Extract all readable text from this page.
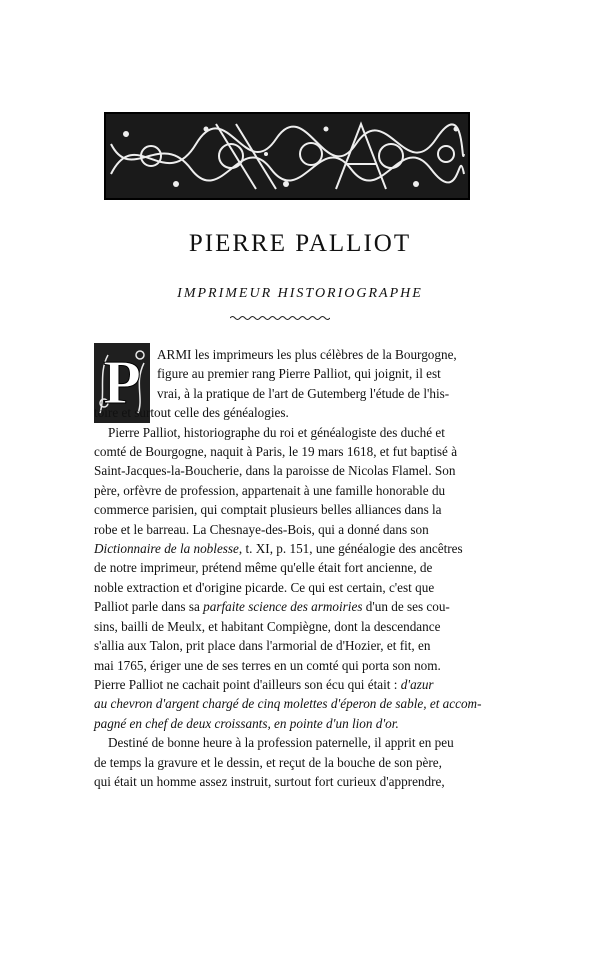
PIERRE PALLIOT
IMPRIMEUR HISTORIOGRAPHE
P ARMI les imprimeurs les plus célèbres de la Bourgogne,
figure au premier rang Pierre Palliot, qui joignit, il est
vrai, à la pratique de l'art de Gutemberg l'étude de l'his-
toire et surtout celle des généalogies.
Pierre Palliot, historiographe du roi et généalogiste des duché et
comté de Bourgogne, naquit à Paris, le 19 mars 1618, et fut baptisé à
Saint-Jacques-la-Boucherie, dans la paroisse de Nicolas Flamel. Son
père, orfèvre de profession, appartenait à une famille honorable du
commerce parisien, qui comptait plusieurs belles alliances dans la
robe et le barreau. La Chesnaye-des-Bois, qui a donné dans son
Dictionnaire de la noblesse, t. XI, p. 151, une généalogie des ancêtres
de notre imprimeur, prétend même qu'elle était fort ancienne, de
noble extraction et d'origine picarde. Ce qui est certain, c'est que
Palliot parle dans sa parfaite science des armoiries d'un de ses cou-
sins, bailli de Meulx, et habitant Compiègne, dont la descendance
s'allia aux Talon, prit place dans l'armorial de d'Hozier, et fit, en
mai 1765, ériger une de ses terres en un comté qui porta son nom.
Pierre Palliot ne cachait point d'ailleurs son écu qui était : d'azur
au chevron d'argent chargé de cinq molettes d'éperon de sable, et accom-
pagné en chef de deux croissants, en pointe d'un lion d'or.
Destiné de bonne heure à la profession paternelle, il apprit en peu
de temps la gravure et le dessin, et reçut de la bouche de son père,
qui était un homme assez instruit, surtout fort curieux d'apprendre,
